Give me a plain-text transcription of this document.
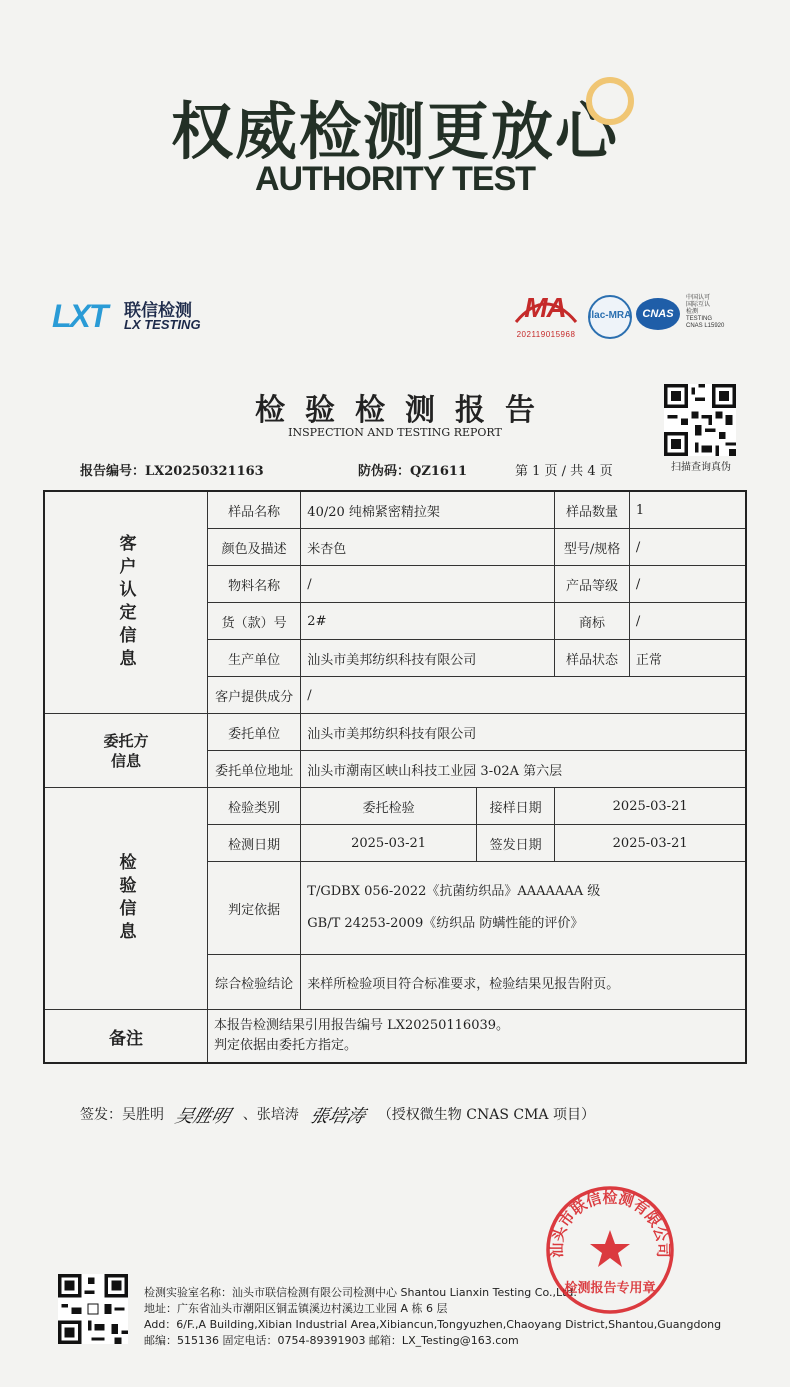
权威检测更放心
AUTHORITY TEST
LXT 联信检测
LX TESTING
MA
202119015968
ilac-MRA	CNAS
中国认可
国际互认
检测
TESTING
CNAS L15920
检验检测报告
INSPECTION AND TESTING REPORT
扫描查询真伪
报告编号：LX20250321163	防伪码：QZ1611	第 1 页 / 共 4 页
客户认定信息	样品名称	40/20 纯棉紧密精拉架		样品数量	1
	颜色及描述	米杏色		型号/规格	/
	物料名称	/		产品等级	/
	货（款）号	2#		商标	/
	生产单位	汕头市美邦纺织科技有限公司		样品状态	正常
	客户提供成分	/			

委托方
信息	委托单位	汕头市美邦纺织科技有限公司			
	委托单位地址	汕头市潮南区峡山科技工业园 3-02A 第六层			

检验信息	检验类别	委托检验	接样日期	2025-03-21	
	检测日期	2025-03-21	签发日期	2025-03-21	
	判定依据	T/GDBX 056-2022《抗菌纺织品》AAAAAAA 级
GB/T 24253-2009《纺织品 防螨性能的评价》			

	综合检验结论	来样所检验项目符合标准要求，检验结果见报告附页。			
备注	本报告检测结果引用报告编号 LX20250116039。
判定依据由委托方指定。				
签发：吴胜明 吴胜明 、张培涛 張培涛 （授权微生物 CNAS CMA 项目）
检测实验室名称：汕头市联信检测有限公司检测中心 Shantou Lianxin Testing Co.,Ltd.
地址：广东省汕头市潮阳区铜盂镇溪边村溪边工业园 A 栋 6 层
Add：6/F.,A Building,Xibian Industrial Area,Xibiancun,Tongyuzhen,Chaoyang District,Shantou,Guangdong
邮编：515136 固定电话：0754-89391903 邮箱：LX_Testing@163.com
汕头市联信检测有限公司
检测报告专用章
